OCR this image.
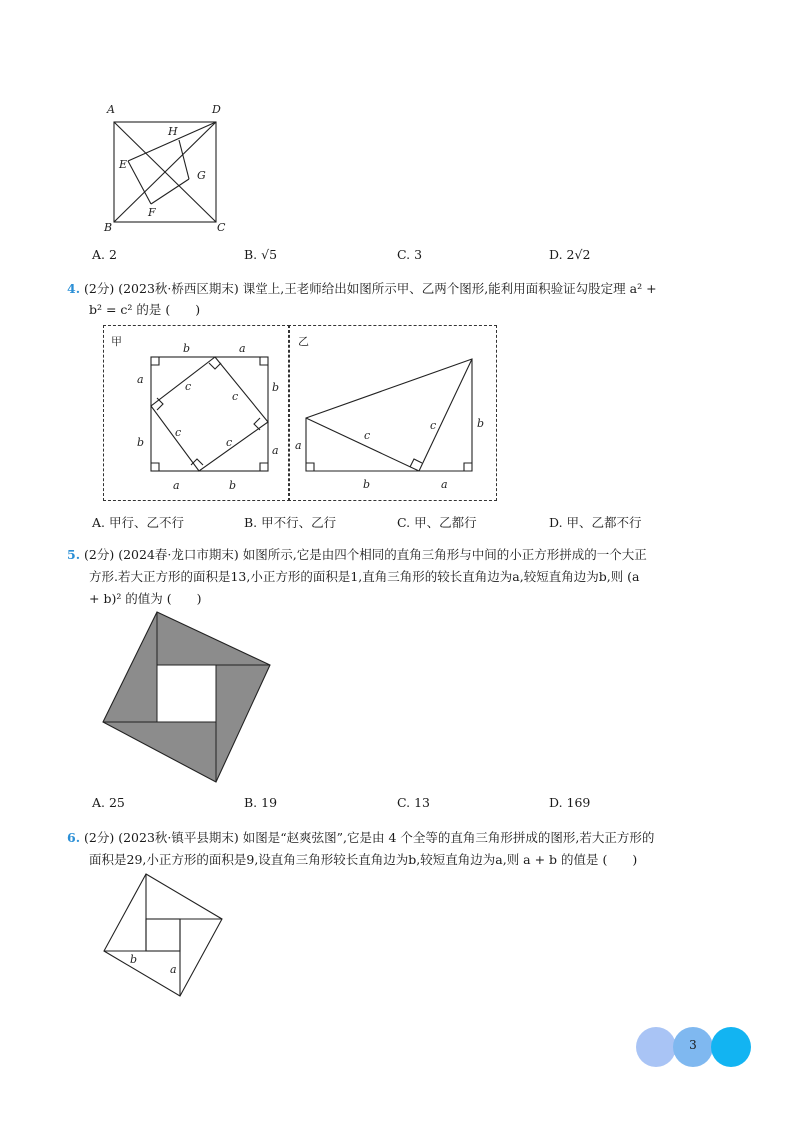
A	D
H
E
G
F
B	C
A. 2	B. √5	C. 3	D. 2√2
4. (2分) (2023秋·桥西区期末) 课堂上,王老师给出如图所示甲、乙两个图形,能利用面积验证勾股定理 a² +
b² = c² 的是 (　　)
甲
b	a
a
b
b
a
a	b
c
c
c
c
乙
a
c
c	b
b	a
A. 甲行、乙不行	B. 甲不行、乙行	C. 甲、乙都行	D. 甲、乙都不行
5. (2分) (2024春·龙口市期末) 如图所示,它是由四个相同的直角三角形与中间的小正方形拼成的一个大正
方形.若大正方形的面积是13,小正方形的面积是1,直角三角形的较长直角边为a,较短直角边为b,则 (a
+ b)² 的值为 (　　)
A. 25	B. 19	C. 13	D. 169
6. (2分) (2023秋·镇平县期末) 如图是“赵爽弦图”,它是由 4 个全等的直角三角形拼成的图形,若大正方形的
面积是29,小正方形的面积是9,设直角三角形较长直角边为b,较短直角边为a,则 a + b 的值是 (　　)
b
a
3
